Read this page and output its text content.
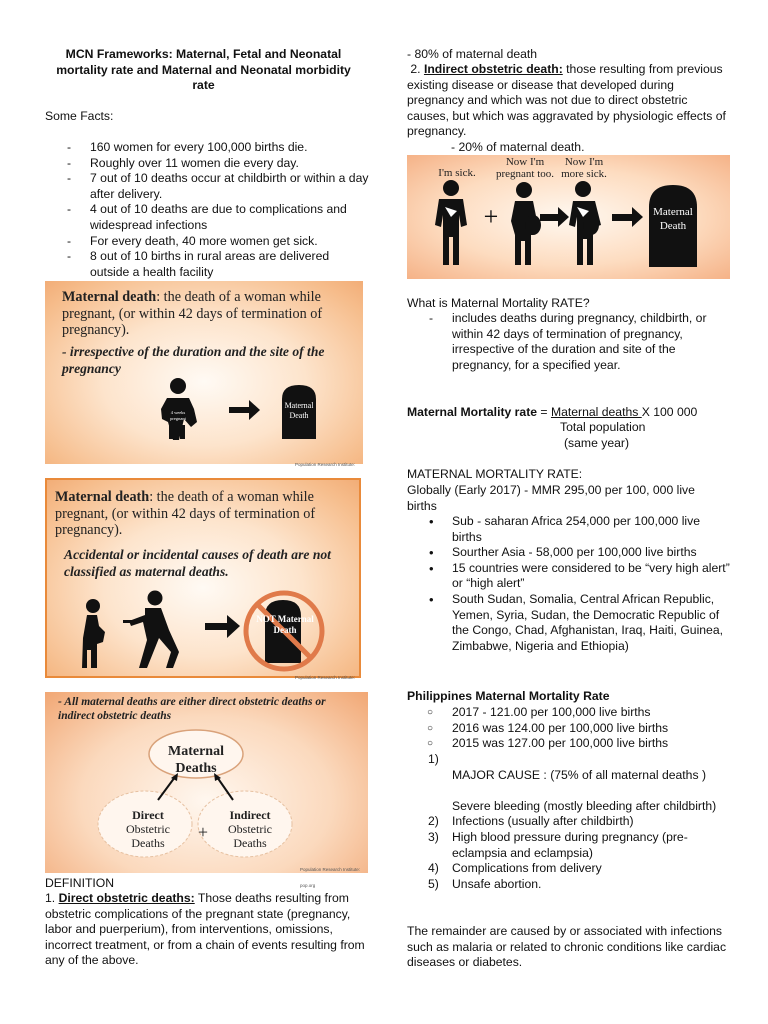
MCN Frameworks: Maternal, Fetal and Neonatal mortality rate and Maternal and Neonatal morbidity rate

Some Facts:

- 160 women for every 100,000 births die.
- Roughly over 11 women die every day.
- 7 out of 10 deaths occur at childbirth or within a day after delivery.
- 4 out of 10 deaths are due to complications and widespread infections
- For every death, 40 more women get sick.
- 8 out of 10 births in rural areas are delivered outside a health facility

Maternal death: the death of a woman while pregnant, (or within 42 days of termination of pregnancy).

- irrespective of the duration and the site of the pregnancy

4 weeks
pregnant
Maternal
Death
Population Research Institute:

Maternal death: the death of a woman while pregnant, (or within 42 days of termination of pregnancy).

Accidental or incidental causes of death are not classified as maternal deaths.

NOT Maternal
Death
Population Research Institute:

- All maternal deaths are either direct obstetric deaths or indirect obstetric deaths

Maternal
Deaths
Direct
Obstetric
Deaths
+
Indirect
Obstetric
Deaths
Population Research Institute: pop.org

DEFINITION

1. Direct obstetric deaths: Those deaths resulting from obstetric complications of the pregnant state (pregnancy, labor and puerperium), from interventions, omissions, incorrect treatment, or from a chain of events resulting from any of the above.

- 80% of maternal death

2. Indirect obstetric death: those resulting from previous existing disease or disease that developed during pregnancy and which was not due to direct obstetric causes, but which was aggravated by physiologic effects of pregnancy.

- 20% of maternal death.

I'm sick.
Now I'm
pregnant too.
Now I'm
more sick.
+	Maternal
Death

What is Maternal Mortality RATE?

- includes deaths during pregnancy, childbirth, or within 42 days of termination of pregnancy, irrespective of the duration and site of the pregnancy, for a specified year.

Maternal Mortality rate = Maternal deaths X 100 000

Total population

(same year)

MATERNAL MORTALITY RATE:

Globally (Early 2017) - MMR 295,00 per 100, 000 live births

• Sub - saharan Africa 254,000 per 100,000 live births
• Sourther Asia - 58,000 per 100,000 live births
• 15 countries were considered to be “very high alert” or “high alert”
• South Sudan, Somalia, Central African Republic, Yemen, Syria, Sudan, the Democratic Republic of the Congo, Chad, Afghanistan, Iraq, Haiti, Guinea, Zimbabwe, Nigeria and Ethiopia)

Philippines Maternal Mortality Rate

○ 2017 - 121.00 per 100,000 live births
○ 2016 was 124.00 per 100,000 live births
○ 2015 was 127.00 per 100,000 live births
1)
MAJOR CAUSE : (75% of all maternal deaths )
Severe bleeding (mostly bleeding after childbirth)
2) Infections (usually after childbirth)
3) High blood pressure during pregnancy (pre-eclampsia and eclampsia)
4) Complications from delivery
5) Unsafe abortion.

The remainder are caused by or associated with infections such as malaria or related to chronic conditions like cardiac diseases or diabetes.
